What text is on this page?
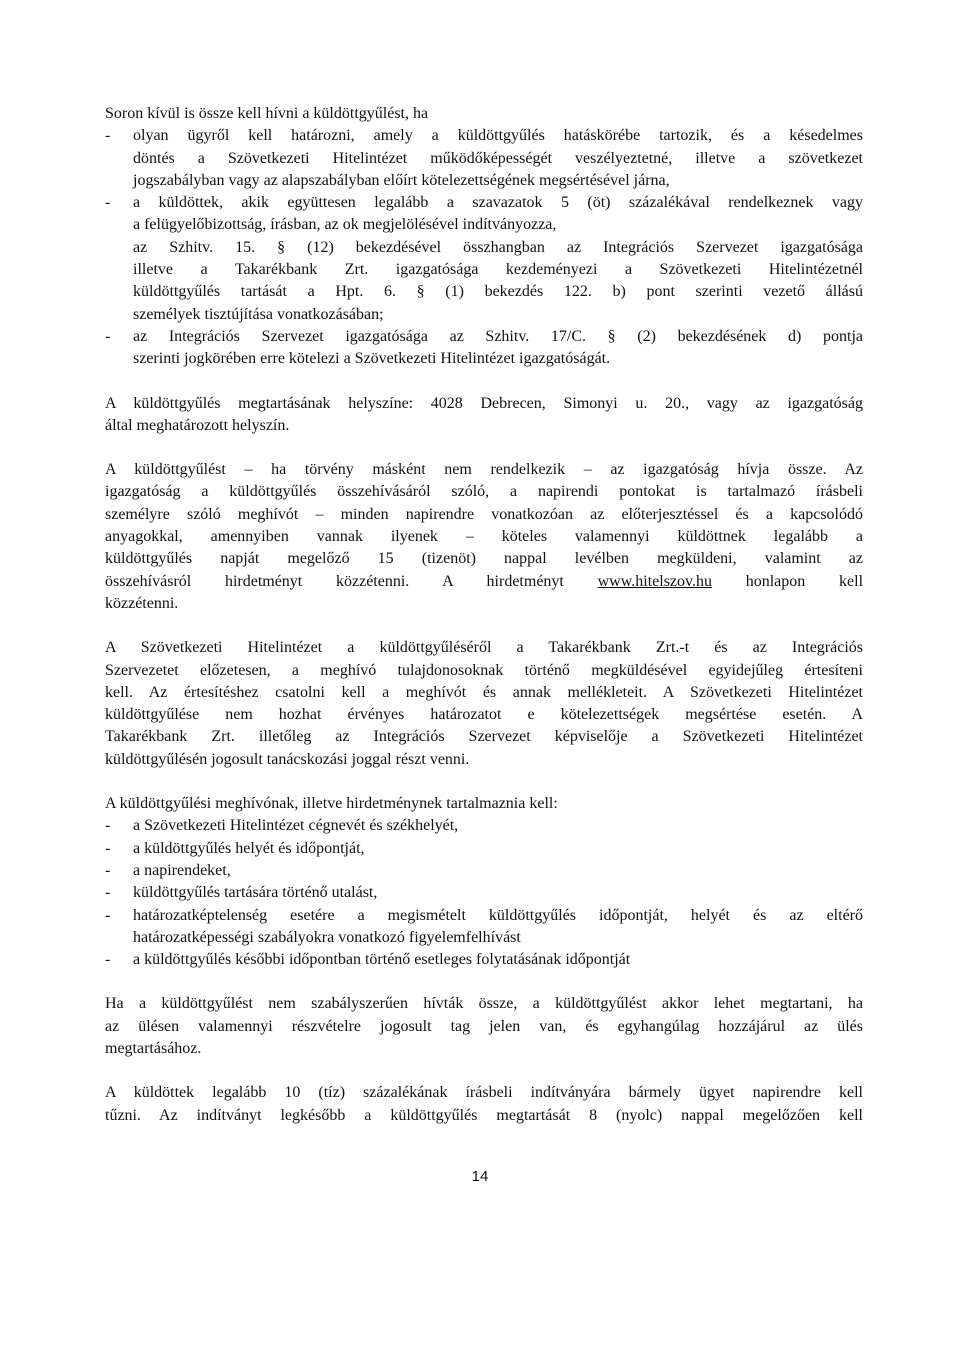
Soron kívül is össze kell hívni a küldöttgyűlést, ha
- olyan ügyről kell határozni, amely a küldöttgyűlés hatáskörébe tartozik, és a késedelmes
döntés a Szövetkezeti Hitelintézet működőképességét veszélyeztetné, illetve a szövetkezet
jogszabályban vagy az alapszabályban előírt kötelezettségének megsértésével járna,
- a küldöttek, akik együttesen legalább a szavazatok 5 (öt) százalékával rendelkeznek vagy
a felügyelőbizottság, írásban, az ok megjelölésével indítványozza,
az Szhitv. 15. § (12) bekezdésével összhangban az Integrációs Szervezet igazgatósága
illetve a Takarékbank Zrt. igazgatósága kezdeményezi a Szövetkezeti Hitelintézetnél
küldöttgyűlés tartását a Hpt. 6. § (1) bekezdés 122. b) pont szerinti vezető állású
személyek tisztújítása vonatkozásában;
- az Integrációs Szervezet igazgatósága az Szhitv. 17/C. § (2) bekezdésének d) pontja
szerinti jogkörében erre kötelezi a Szövetkezeti Hitelintézet igazgatóságát.
A küldöttgyűlés megtartásának helyszíne: 4028 Debrecen, Simonyi u. 20., vagy az igazgatóság
által meghatározott helyszín.
A küldöttgyűlést – ha törvény másként nem rendelkezik – az igazgatóság hívja össze. Az
igazgatóság a küldöttgyűlés összehívásáról szóló, a napirendi pontokat is tartalmazó írásbeli
személyre szóló meghívót – minden napirendre vonatkozóan az előterjesztéssel és a kapcsolódó
anyagokkal, amennyiben vannak ilyenek – köteles valamennyi küldöttnek legalább a
küldöttgyűlés napját megelőző 15 (tizenöt) nappal levélben megküldeni, valamint az
összehívásról hirdetményt közzétenni. A hirdetményt www.hitelszov.hu honlapon kell
közzétenni.
A Szövetkezeti Hitelintézet a küldöttgyűléséről a Takarékbank Zrt.-t és az Integrációs
Szervezetet előzetesen, a meghívó tulajdonosoknak történő megküldésével egyidejűleg értesíteni
kell. Az értesítéshez csatolni kell a meghívót és annak mellékleteit. A Szövetkezeti Hitelintézet
küldöttgyűlése nem hozhat érvényes határozatot e kötelezettségek megsértése esetén. A
Takarékbank Zrt. illetőleg az Integrációs Szervezet képviselője a Szövetkezeti Hitelintézet
küldöttgyűlésén jogosult tanácskozási joggal részt venni.
A küldöttgyűlési meghívónak, illetve hirdetménynek tartalmaznia kell:
- a Szövetkezeti Hitelintézet cégnevét és székhelyét,
- a küldöttgyűlés helyét és időpontját,
- a napirendeket,
- küldöttgyűlés tartására történő utalást,
- határozatképtelenség esetére a megismételt küldöttgyűlés időpontját, helyét és az eltérő
határozatképességi szabályokra vonatkozó figyelemfelhívást
- a küldöttgyűlés későbbi időpontban történő esetleges folytatásának időpontját
Ha a küldöttgyűlést nem szabályszerűen hívták össze, a küldöttgyűlést akkor lehet megtartani, ha
az ülésen valamennyi részvételre jogosult tag jelen van, és egyhangúlag hozzájárul az ülés
megtartásához.
A küldöttek legalább 10 (tíz) százalékának írásbeli indítványára bármely ügyet napirendre kell
tűzni. Az indítványt legkésőbb a küldöttgyűlés megtartását 8 (nyolc) nappal megelőzően kell
14
